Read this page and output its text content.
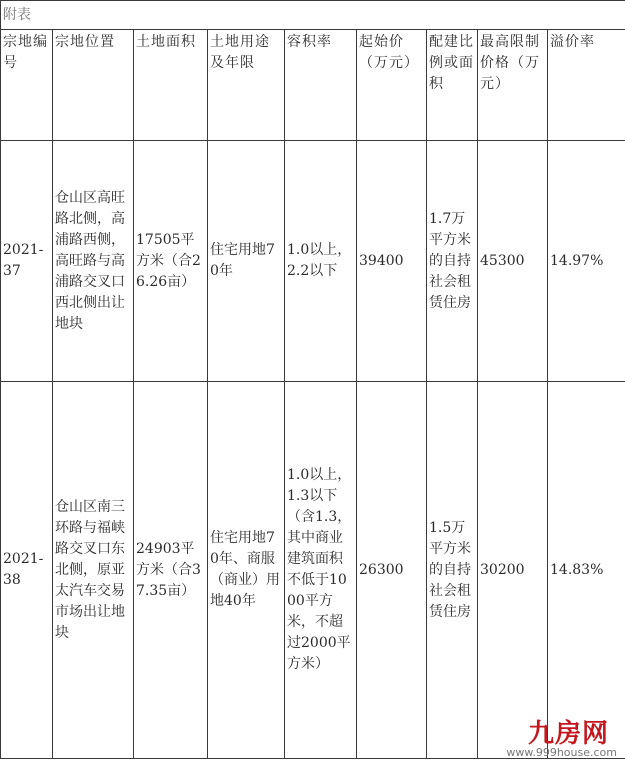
附表								
宗地编号	宗地位置	土地面积	土地用途及年限	容积率	起始价（万元）	配建比例或面积	最高限制价格（万元）	溢价率
2021-37	仓山区高旺路北侧，高浦路西侧，高旺路与高浦路交叉口西北侧出让地块	17505平方米（合26.26亩）	住宅用地70年	1.0以上，2.2以下	39400	1.7万平方米的自持社会租赁住房	45300	14.97%
2021-38	仓山区南三环路与福峡路交叉口东北侧，原亚太汽车交易市场出让地块	24903平方米（合37.35亩）	住宅用地70年、商服（商业）用地40年	1.0以上，1.3以下（含1.3，其中商业建筑面积不低于1000平方米，不超过2000平方米）	26300	1.5万平方米的自持社会租赁住房	30200	14.83%
九房网
www.999house.com
